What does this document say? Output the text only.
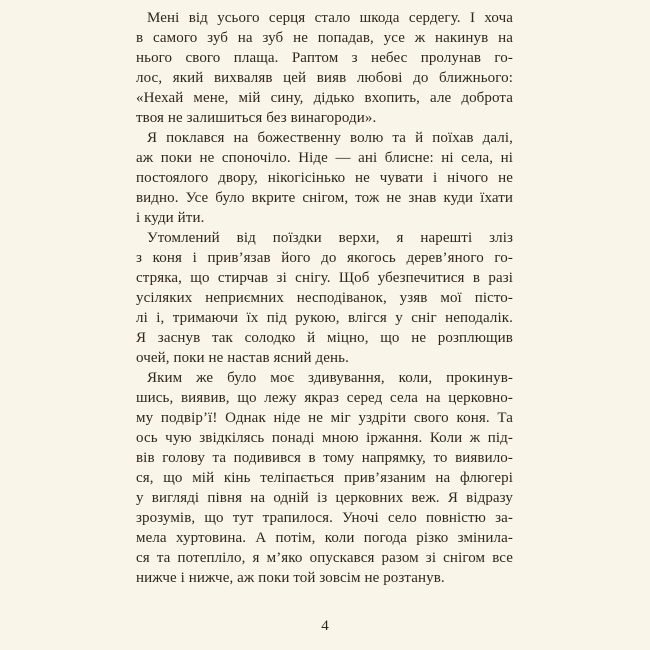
Мені від усього серця стало шкода сердегу. І хоча
в самого зуб на зуб не попадав, усе ж накинув на
нього свого плаща. Раптом з небес пролунав го-
лос, який вихваляв цей вияв любові до ближнього:
«Нехай мене, мій сину, дідько вхопить, але доброта
твоя не залишиться без винагороди».
Я поклався на божественну волю та й поїхав далі,
аж поки не споночіло. Ніде — ані блисне: ні села, ні
постоялого двору, нікогісінько не чувати і нічого не
видно. Усе було вкрите снігом, тож не знав куди їхати
і куди йти.
Утомлений від поїздки верхи, я нарешті зліз
з коня і прив’язав його до якогось дерев’яного го-
стряка, що стирчав зі снігу. Щоб убезпечитися в разі
усіляких неприємних несподіванок, узяв мої пісто-
лі і, тримаючи їх під рукою, влігся у сніг неподалік.
Я заснув так солодко й міцно, що не розплющив
очей, поки не настав ясний день.
Яким же було моє здивування, коли, прокинув-
шись, виявив, що лежу якраз серед села на церковно-
му подвір’ї! Однак ніде не міг уздріти свого коня. Та
ось чую звідкілясь понаді мною іржання. Коли ж під-
вів голову та подивився в тому напрямку, то виявило-
ся, що мій кінь теліпається прив’язаним на флюгері
у вигляді півня на одній із церковних веж. Я відразу
зрозумів, що тут трапилося. Уночі село повністю за-
мела хуртовина. А потім, коли погода різко змінила-
ся та потепліло, я м’яко опускався разом зі снігом все
нижче і нижче, аж поки той зовсім не розтанув.
4
